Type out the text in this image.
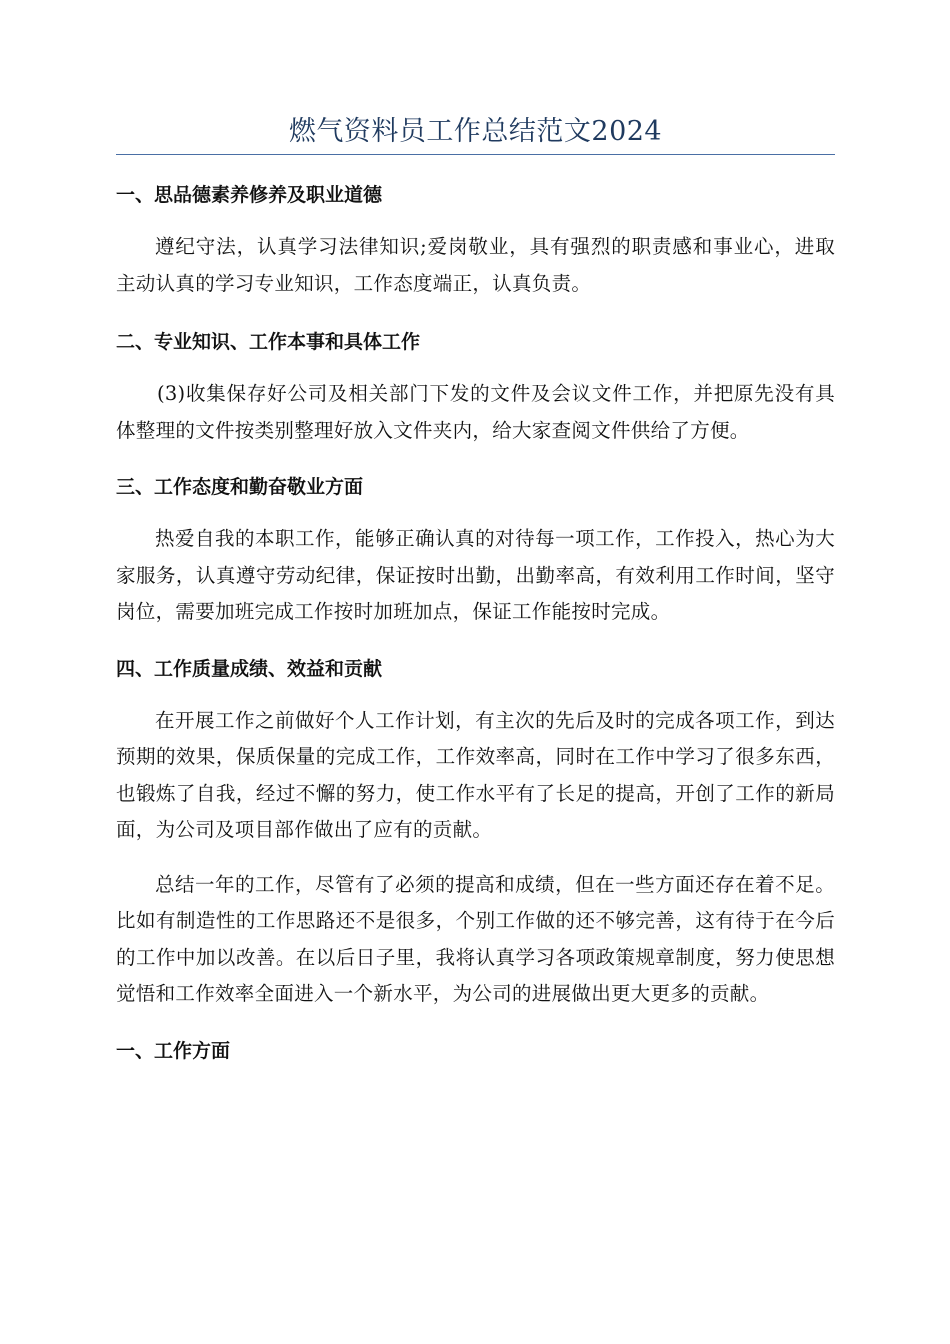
燃气资料员工作总结范文2024
一、思品德素养修养及职业道德

遵纪守法，认真学习法律知识;爱岗敬业，具有强烈的职责感和事业心，进取主动认真的学习专业知识，工作态度端正，认真负责。

二、专业知识、工作本事和具体工作

(3)收集保存好公司及相关部门下发的文件及会议文件工作，并把原先没有具体整理的文件按类别整理好放入文件夹内，给大家查阅文件供给了方便。

三、工作态度和勤奋敬业方面

热爱自我的本职工作，能够正确认真的对待每一项工作，工作投入，热心为大家服务，认真遵守劳动纪律，保证按时出勤，出勤率高，有效利用工作时间，坚守岗位，需要加班完成工作按时加班加点，保证工作能按时完成。

四、工作质量成绩、效益和贡献

在开展工作之前做好个人工作计划，有主次的先后及时的完成各项工作，到达预期的效果，保质保量的完成工作，工作效率高，同时在工作中学习了很多东西，也锻炼了自我，经过不懈的努力，使工作水平有了长足的提高，开创了工作的新局面，为公司及项目部作做出了应有的贡献。

总结一年的工作，尽管有了必须的提高和成绩，但在一些方面还存在着不足。比如有制造性的工作思路还不是很多，个别工作做的还不够完善，这有待于在今后的工作中加以改善。在以后日子里，我将认真学习各项政策规章制度，努力使思想觉悟和工作效率全面进入一个新水平，为公司的进展做出更大更多的贡献。

一、工作方面
